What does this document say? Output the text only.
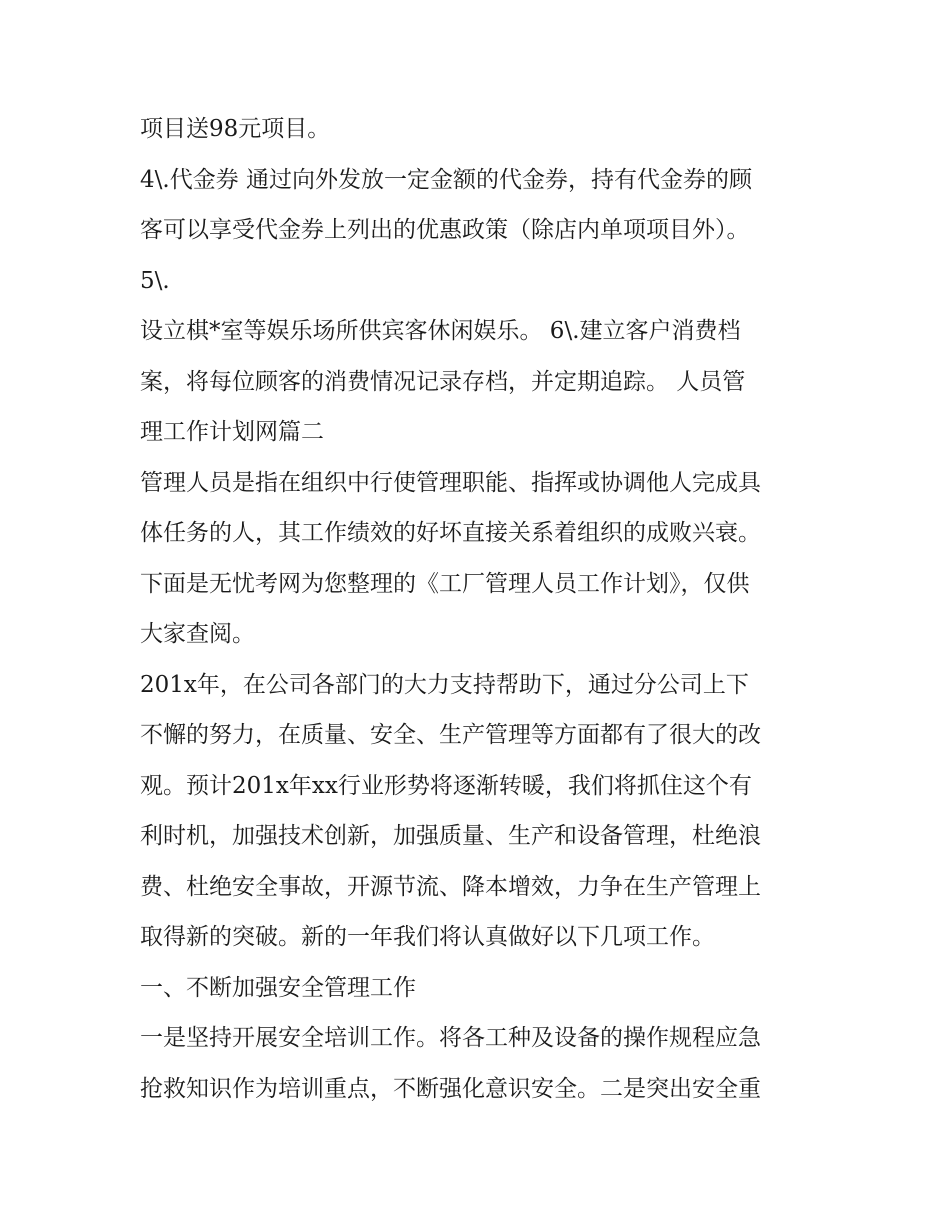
项目送98元项目。
4\.代金券 通过向外发放一定金额的代金券，持有代金券的顾
客可以享受代金券上列出的优惠政策（除店内单项项目外）。
5\.
设立棋*室等娱乐场所供宾客休闲娱乐。 6\.建立客户消费档
案，将每位顾客的消费情况记录存档，并定期追踪。 人员管
理工作计划网篇二
管理人员是指在组织中行使管理职能、指挥或协调他人完成具
体任务的人，其工作绩效的好坏直接关系着组织的成败兴衰。
下面是无忧考网为您整理的《工厂管理人员工作计划》，仅供
大家查阅。
201x年，在公司各部门的大力支持帮助下，通过分公司上下
不懈的努力，在质量、安全、生产管理等方面都有了很大的改
观。预计201x年xx行业形势将逐渐转暖，我们将抓住这个有
利时机，加强技术创新，加强质量、生产和设备管理，杜绝浪
费、杜绝安全事故，开源节流、降本增效，力争在生产管理上
取得新的突破。新的一年我们将认真做好以下几项工作。
一、不断加强安全管理工作
一是坚持开展安全培训工作。将各工种及设备的操作规程应急
抢救知识作为培训重点，不断强化意识安全。二是突出安全重
